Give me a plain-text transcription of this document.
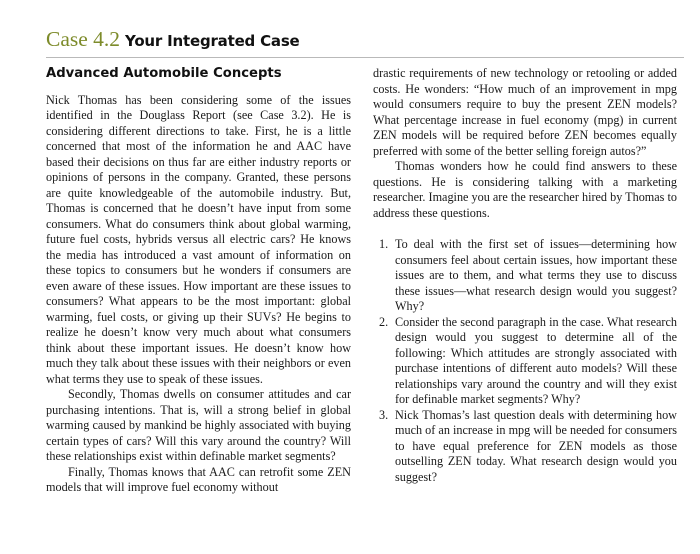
Case 4.2 Your Integrated Case
Advanced Automobile Concepts

Nick Thomas has been considering some of the issues identified in the Douglass Report (see Case 3.2). He is considering different directions to take. First, he is a little concerned that most of the information he and AAC have based their decisions on thus far are either industry reports or opinions of persons in the company. Granted, these persons are quite knowledgeable of the automobile industry. But, Thomas is concerned that he doesn’t have input from some consumers. What do consumers think about global warming, future fuel costs, hybrids versus all electric cars? He knows the media has introduced a vast amount of information on these topics to consumers but he wonders if consumers are even aware of these issues. How important are these issues to consumers? What appears to be the most important: global warming, fuel costs, or giving up their SUVs? He begins to realize he doesn’t know very much about what consumers think about these important issues. He doesn’t know how much they talk about these issues with their neighbors or even what terms they use to speak of these issues.

Secondly, Thomas dwells on consumer attitudes and car purchasing intentions. That is, will a strong belief in global warming caused by mankind be highly associated with buying certain types of cars? Will this vary around the country? Will these relationships exist within definable market segments?

Finally, Thomas knows that AAC can retrofit some ZEN models that will improve fuel economy without

drastic requirements of new technology or retooling or added costs. He wonders: “How much of an improvement in mpg would consumers require to buy the present ZEN models? What percentage increase in fuel economy (mpg) in current ZEN models will be required before ZEN becomes equally preferred with some of the better selling foreign autos?”

Thomas wonders how he could find answers to these questions. He is considering talking with a marketing researcher. Imagine you are the researcher hired by Thomas to address these questions.

1. To deal with the first set of issues—determining how consumers feel about certain issues, how important these issues are to them, and what terms they use to discuss these issues—what research design would you suggest? Why?
2. Consider the second paragraph in the case. What research design would you suggest to determine all of the following: Which attitudes are strongly associated with purchase intentions of different auto models? Will these relationships vary around the country and will they exist for definable market segments? Why?
3. Nick Thomas’s last question deals with determining how much of an increase in mpg will be needed for consumers to have equal preference for ZEN models as those outselling ZEN today. What research design would you suggest?
